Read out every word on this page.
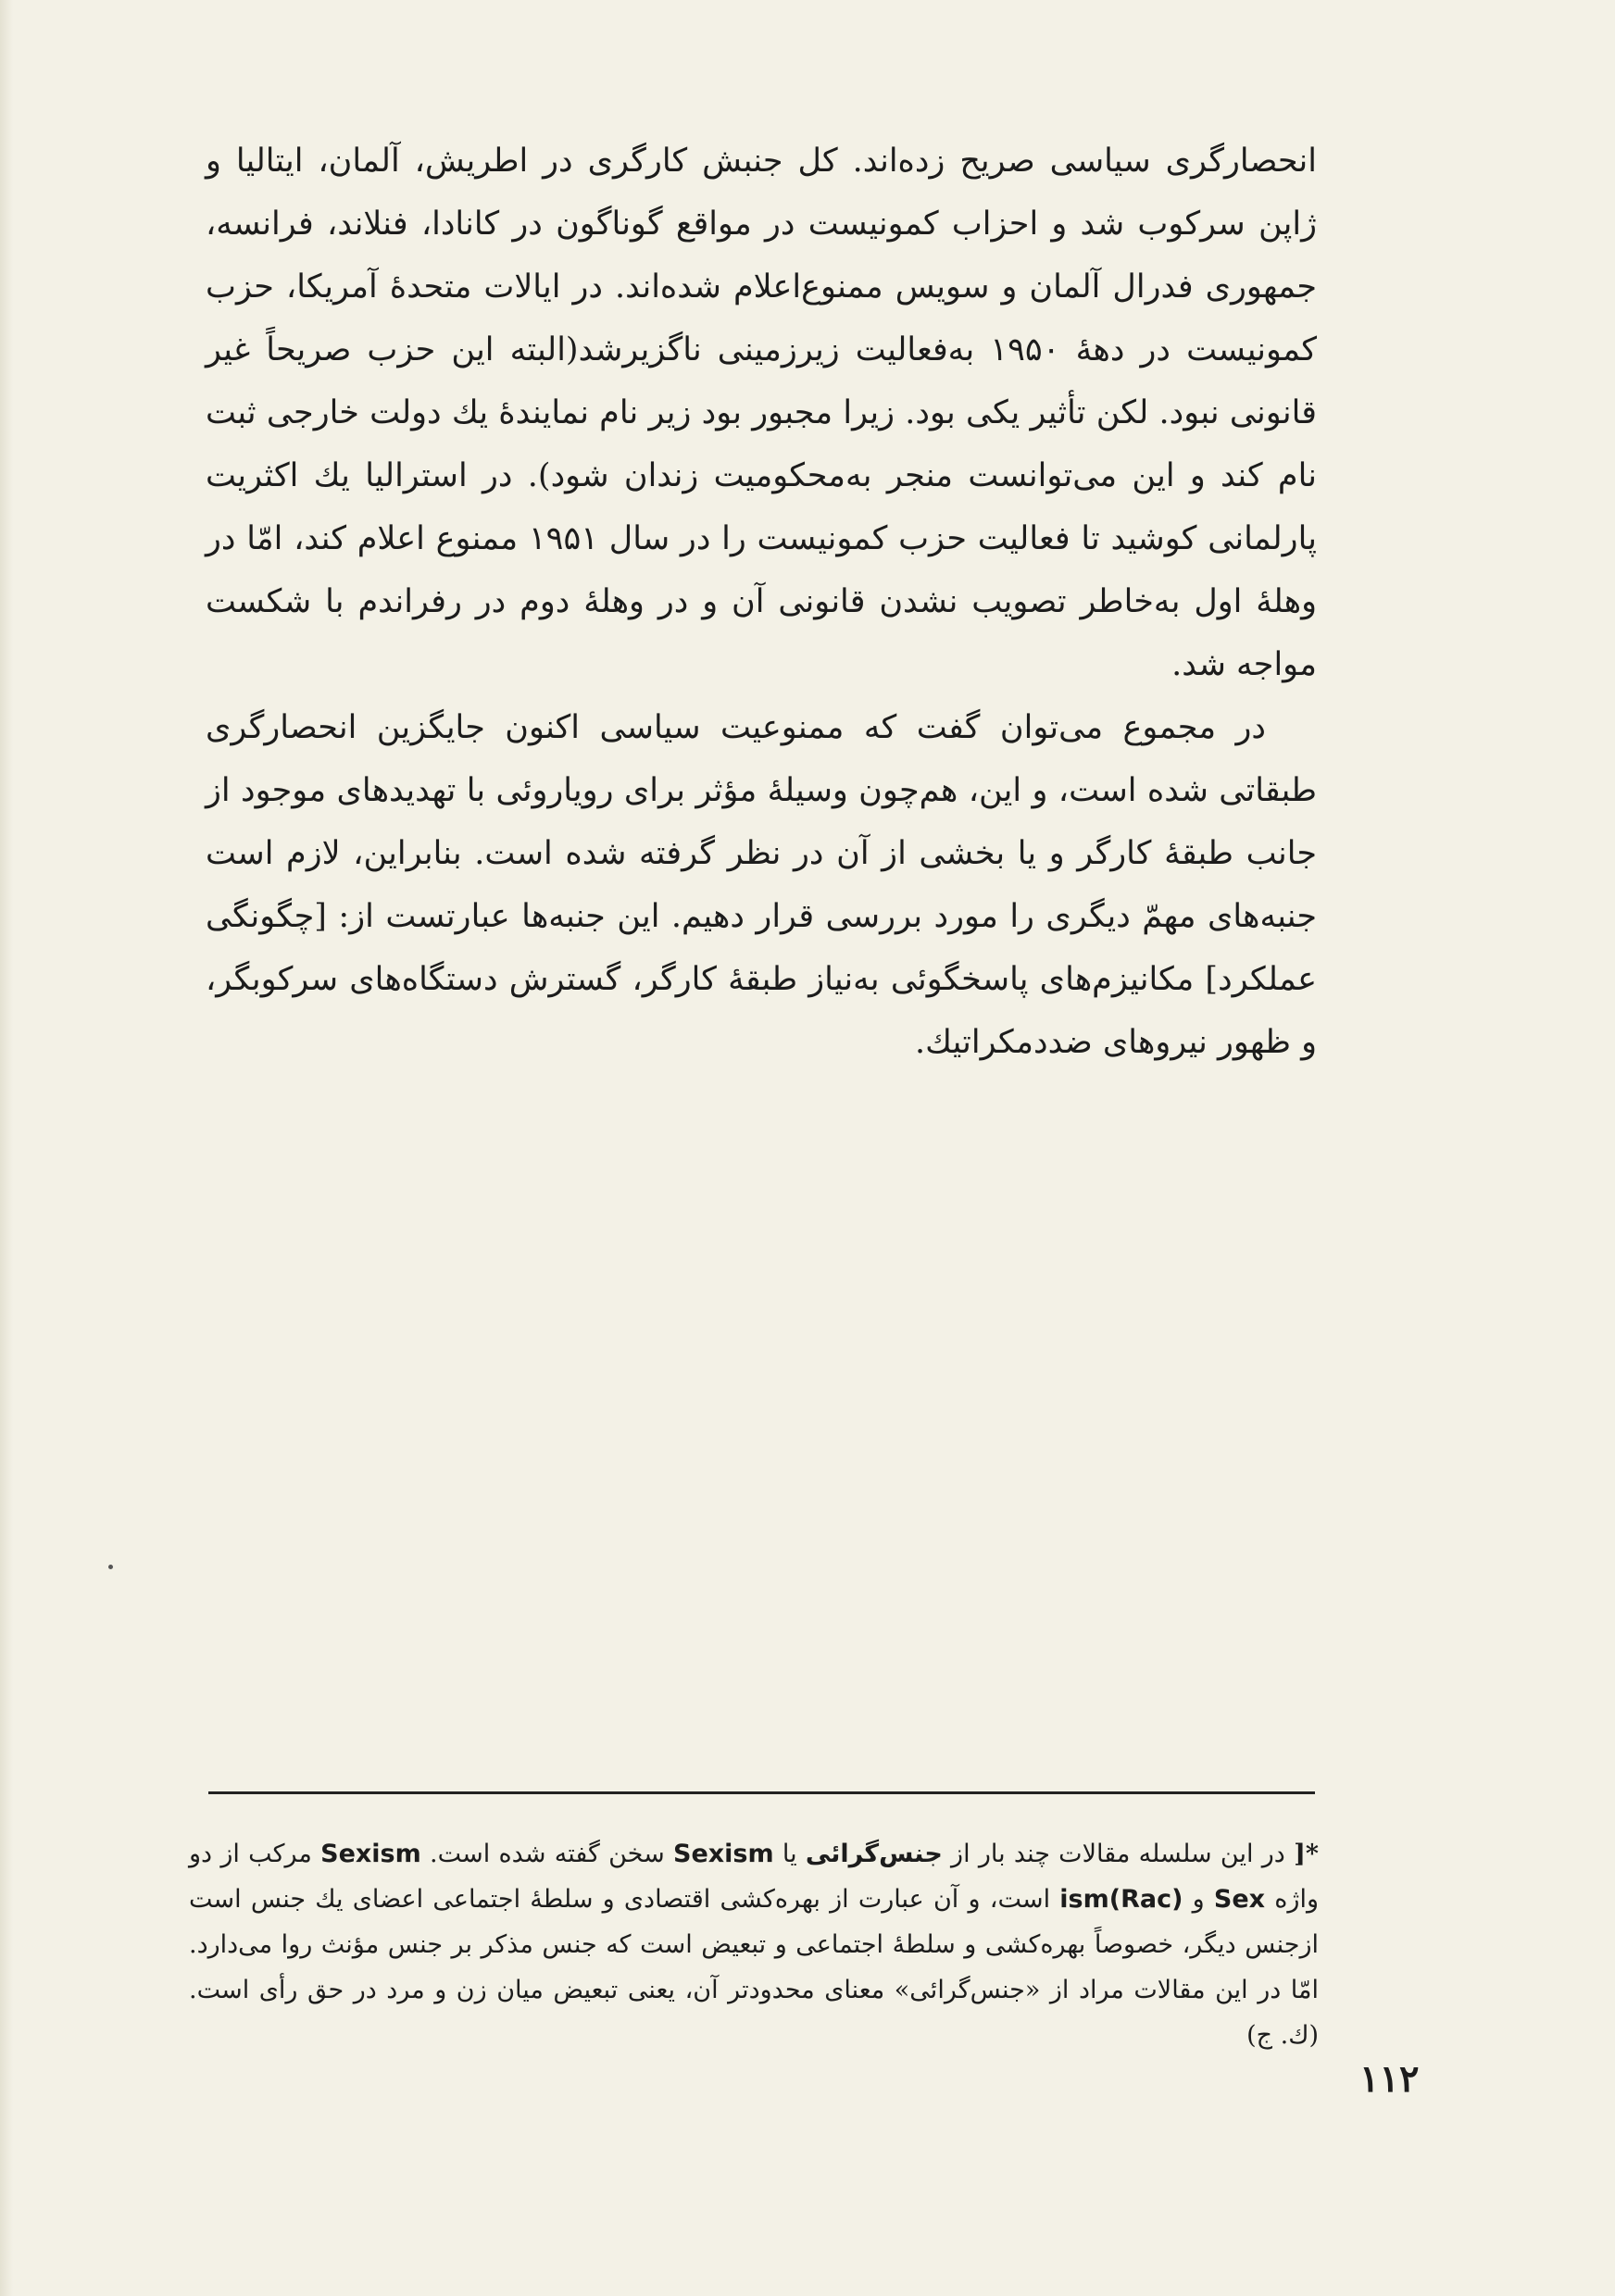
انحصارگری سیاسی صریح زده‌اند. کل جنبش کارگری در اطریش، آلمان، ایتالیا و ژاپن سرکوب شد و احزاب کمونیست در مواقع گوناگون در کانادا، فنلاند، فرانسه، جمهوری فدرال آلمان و سویس ممنوع‌اعلام شده‌اند. در ایالات متحدهٔ آمریکا، حزب کمونیست در دههٔ ۱۹۵۰ به‌فعالیت زیرزمینی ناگزیرشد(البته این حزب صریحاً غیر قانونی نبود. لکن تأثیر یکی بود. زیرا مجبور بود زیر نام نمایندهٔ یك دولت خارجی ثبت نام کند و این می‌توانست منجر به‌محکومیت زندان شود). در استرالیا یك اکثریت پارلمانی کوشید تا فعالیت حزب کمونیست را در سال ۱۹۵۱ ممنوع اعلام کند، امّا در وهلهٔ اول به‌خاطر تصویب نشدن قانونی آن و در وهلهٔ دوم در رفراندم با شکست مواجه شد.

در مجموع می‌توان گفت که ممنوعیت سیاسی اکنون جایگزین انحصارگری طبقاتی شده است، و این، هم‌چون وسیلهٔ مؤثر برای رویاروئی با تهدیدهای موجود از جانب طبقهٔ کارگر و یا بخشی از آن در نظر گرفته شده است. بنابراین، لازم است جنبه‌های مهمّ دیگری را مورد بررسی قرار دهیم. این جنبه‌ها عبارتست از: [چگونگی عملکرد] مکانیزم‌های پاسخگوئی به‌نیاز طبقهٔ کارگر، گسترش دستگاه‌های سرکوبگر، و ظهور نیروهای ضددمکراتیك.

*[ در این سلسله مقالات چند بار از جنس‌گرائی یا Sexism سخن گفته شده است. Sexism مرکب از دو واژه Sex و (Rac)ism است، و آن عبارت از بهره‌کشی اقتصادی و سلطهٔ اجتماعی اعضای یك جنس است ازجنس دیگر، خصوصاً بهره‌کشی و سلطهٔ اجتماعی و تبعیض است که جنس مذکر بر جنس مؤنث روا می‌دارد. امّا در این مقالات مراد از «جنس‌گرائی» معنای محدودتر آن، یعنی تبعیض میان زن و مرد در حق رأی است. (ك. ج)

۱۱۲
